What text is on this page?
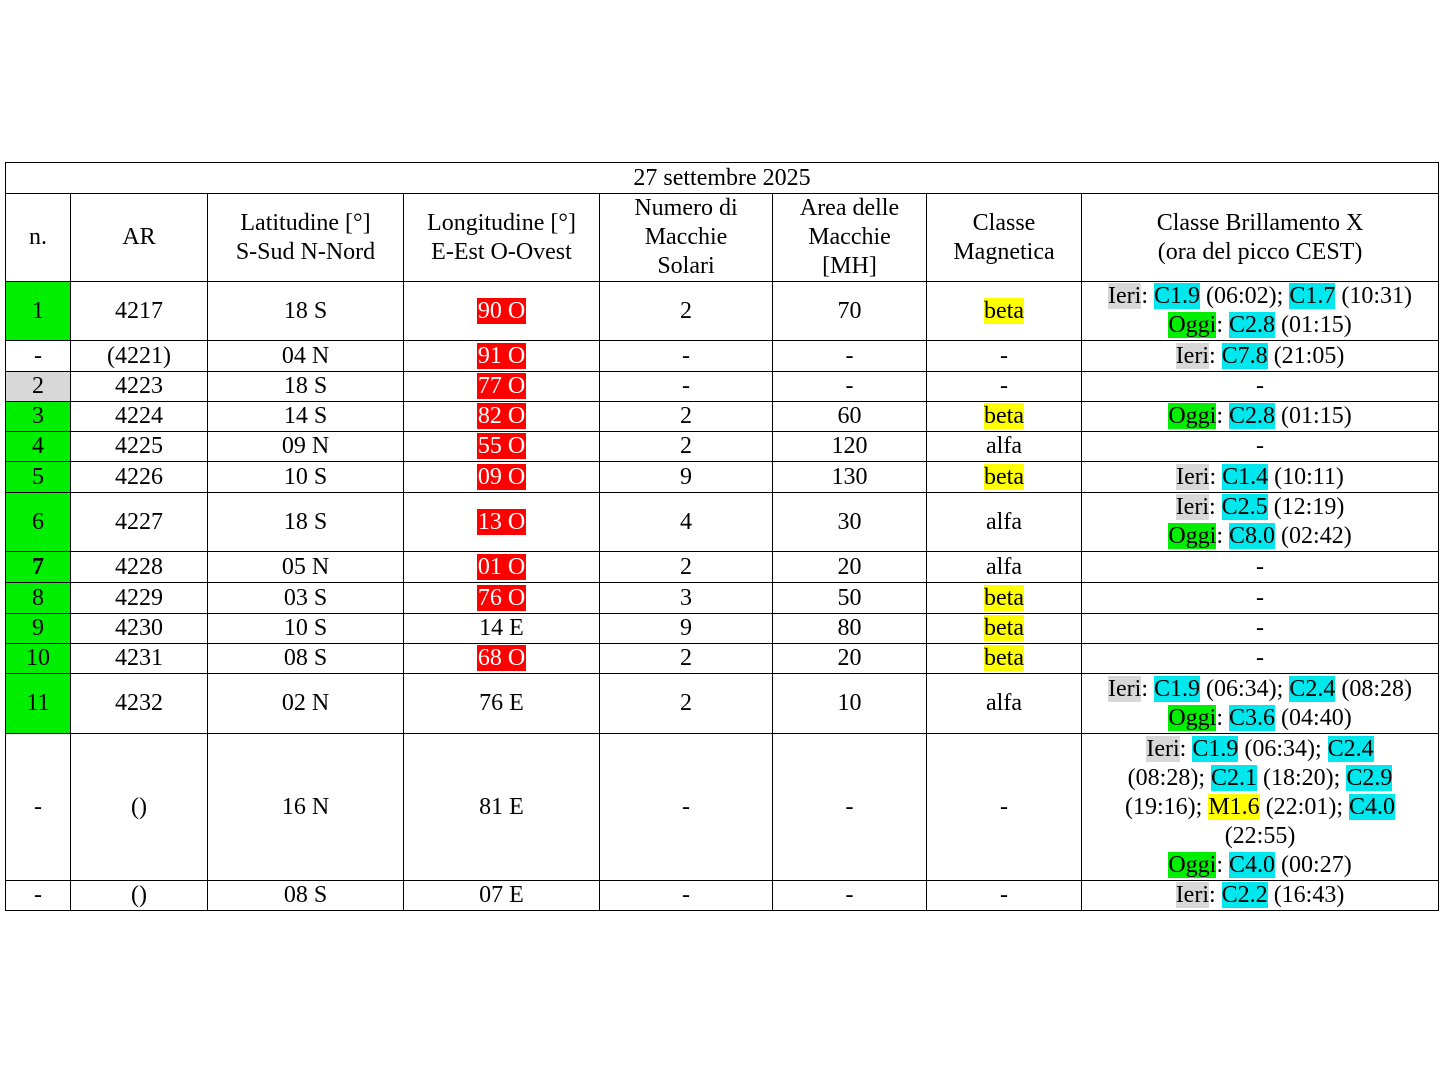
27 settembre 2025							

n.	AR	Latitudine [°]
S-Sud N-Nord	Longitudine [°]
E-Est O-Ovest	Numero di
Macchie
Solari	Area delle
Macchie
[MH]	Classe
Magnetica	Classe Brillamento X
(ora del picco CEST)

1	4217	18 S	90 O	2	70	beta	Ieri: C1.9 (06:02); C1.7 (10:31)
Oggi: C2.8 (01:15)

-	(4221)	04 N	91 O	-	-	-	Ieri: C7.8 (21:05)

2	4223	18 S	77 O	-	-	-	-

3	4224	14 S	82 O	2	60	beta	Oggi: C2.8 (01:15)

4	4225	09 N	55 O	2	120	alfa	-

5	4226	10 S	09 O	9	130	beta	Ieri: C1.4 (10:11)

6	4227	18 S	13 O	4	30	alfa	Ieri: C2.5 (12:19)
Oggi: C8.0 (02:42)

7	4228	05 N	01 O	2	20	alfa	-

8	4229	03 S	76 O	3	50	beta	-

9	4230	10 S	14 E	9	80	beta	-

10	4231	08 S	68 O	2	20	beta	-

11	4232	02 N	76 E	2	10	alfa	Ieri: C1.9 (06:34); C2.4 (08:28)
Oggi: C3.6 (04:40)

-	()	16 N	81 E	-	-	-	Ieri: C1.9 (06:34); C2.4
(08:28); C2.1 (18:20); C2.9
(19:16); M1.6 (22:01); C4.0
(22:55)
Oggi: C4.0 (00:27)

-	()	08 S	07 E	-	-	-	Ieri: C2.2 (16:43)
